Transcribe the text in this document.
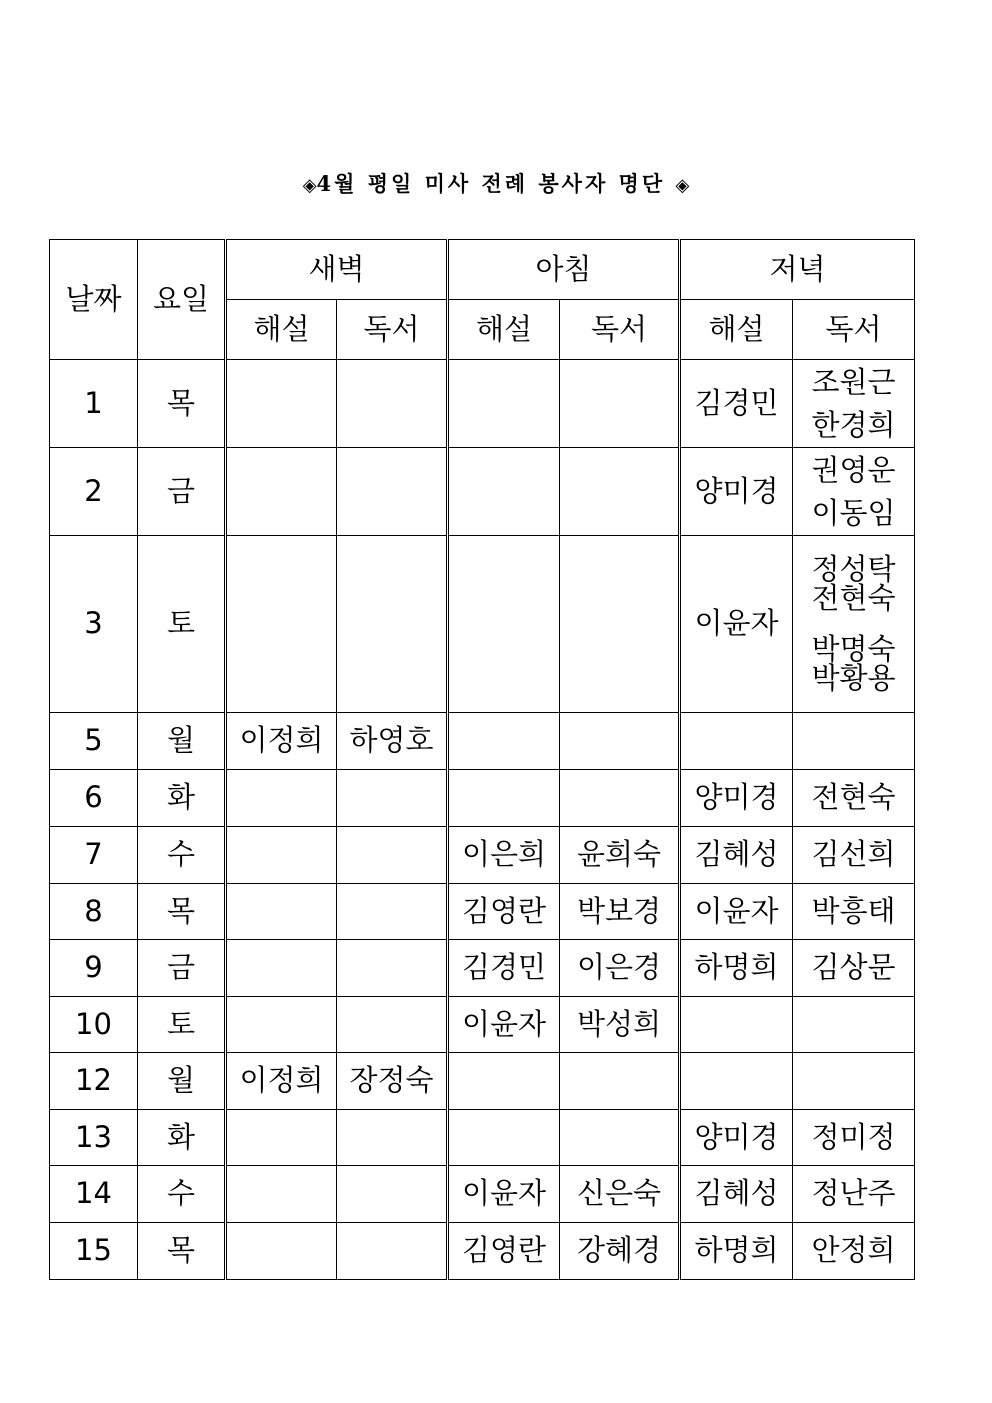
◈4월 평일 미사 전례 봉사자 명단 ◈
날짜	요일	새벽		아침		저녁	
		해설	독서	해설	독서	해설	독서
1	목					김경민	조원근
한경희

2	금					양미경	권영운
이동임

3	토					이윤자	정성탁
전현숙
박명숙
박황용

5	월	이정희	하영호				
6	화					양미경	전현숙
7	수			이은희	윤희숙	김혜성	김선희
8	목			김영란	박보경	이윤자	박흥태
9	금			김경민	이은경	하명희	김상문
10	토			이윤자	박성희		
12	월	이정희	장정숙				
13	화					양미경	정미정
14	수			이윤자	신은숙	김혜성	정난주
15	목			김영란	강혜경	하명희	안정희
